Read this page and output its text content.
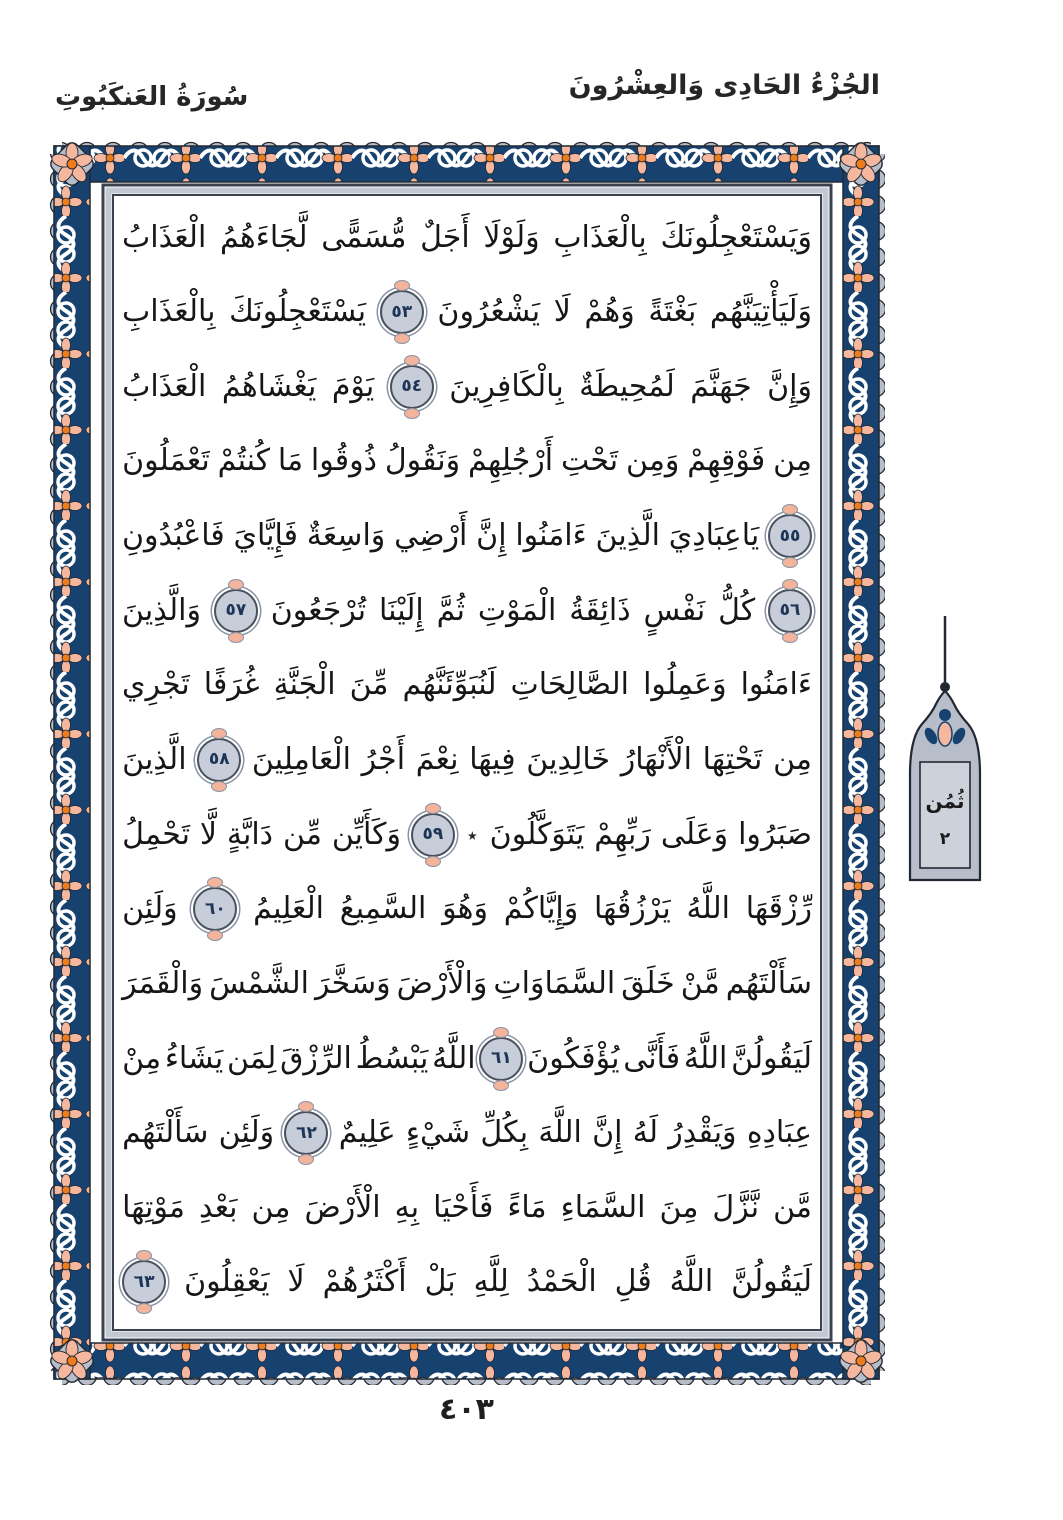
الجُزْءُ الحَادِى وَالعِشْرُونَ
سُورَةُ العَنكَبُوتِ
وَيَسْتَعْجِلُونَكَ
بِالْعَذَابِ
وَلَوْلَا
أَجَلٌ
مُّسَمًّى
لَّجَاءَهُمُ
الْعَذَابُ
وَلَيَأْتِيَنَّهُم
بَغْتَةً
وَهُمْ
لَا
يَشْعُرُونَ
٥٣
يَسْتَعْجِلُونَكَ
بِالْعَذَابِ
وَإِنَّ
جَهَنَّمَ
لَمُحِيطَةٌ
بِالْكَافِرِينَ
٥٤
يَوْمَ
يَغْشَاهُمُ
الْعَذَابُ
مِن
فَوْقِهِمْ
وَمِن
تَحْتِ
أَرْجُلِهِمْ
وَنَقُولُ
ذُوقُوا
مَا
كُنتُمْ
تَعْمَلُونَ
٥٥
يَاعِبَادِيَ
الَّذِينَ
ءَامَنُوا
إِنَّ
أَرْضِي
وَاسِعَةٌ
فَإِيَّايَ
فَاعْبُدُونِ
٥٦
كُلُّ
نَفْسٍ
ذَائِقَةُ
الْمَوْتِ
ثُمَّ
إِلَيْنَا
تُرْجَعُونَ
٥٧
وَالَّذِينَ
ءَامَنُوا
وَعَمِلُوا
الصَّالِحَاتِ
لَنُبَوِّئَنَّهُم
مِّنَ
الْجَنَّةِ
غُرَفًا
تَجْرِي
مِن
تَحْتِهَا
الْأَنْهَارُ
خَالِدِينَ
فِيهَا
نِعْمَ
أَجْرُ
الْعَامِلِينَ
٥٨
الَّذِينَ
صَبَرُوا
وَعَلَى
رَبِّهِمْ
يَتَوَكَّلُونَ
٭
٥٩
وَكَأَيِّن
مِّن
دَابَّةٍ
لَّا
تَحْمِلُ
رِّزْقَهَا
اللَّهُ
يَرْزُقُهَا
وَإِيَّاكُمْ
وَهُوَ
السَّمِيعُ
الْعَلِيمُ
٦٠
وَلَئِن
سَأَلْتَهُم
مَّنْ
خَلَقَ
السَّمَاوَاتِ
وَالْأَرْضَ
وَسَخَّرَ
الشَّمْسَ
وَالْقَمَرَ
لَيَقُولُنَّ
اللَّهُ
فَأَنَّى
يُؤْفَكُونَ
٦١
اللَّهُ
يَبْسُطُ
الرِّزْقَ
لِمَن
يَشَاءُ
مِنْ
عِبَادِهِ
وَيَقْدِرُ
لَهُ
إِنَّ
اللَّهَ
بِكُلِّ
شَيْءٍ
عَلِيمٌ
٦٢
وَلَئِن
سَأَلْتَهُم
مَّن
نَّزَّلَ
مِنَ
السَّمَاءِ
مَاءً
فَأَحْيَا
بِهِ
الْأَرْضَ
مِن
بَعْدِ
مَوْتِهَا
لَيَقُولُنَّ
اللَّهُ
قُلِ
الْحَمْدُ
لِلَّهِ
بَلْ
أَكْثَرُهُمْ
لَا
يَعْقِلُونَ
٦٣
ثُمُن
٢
٤٠٣
